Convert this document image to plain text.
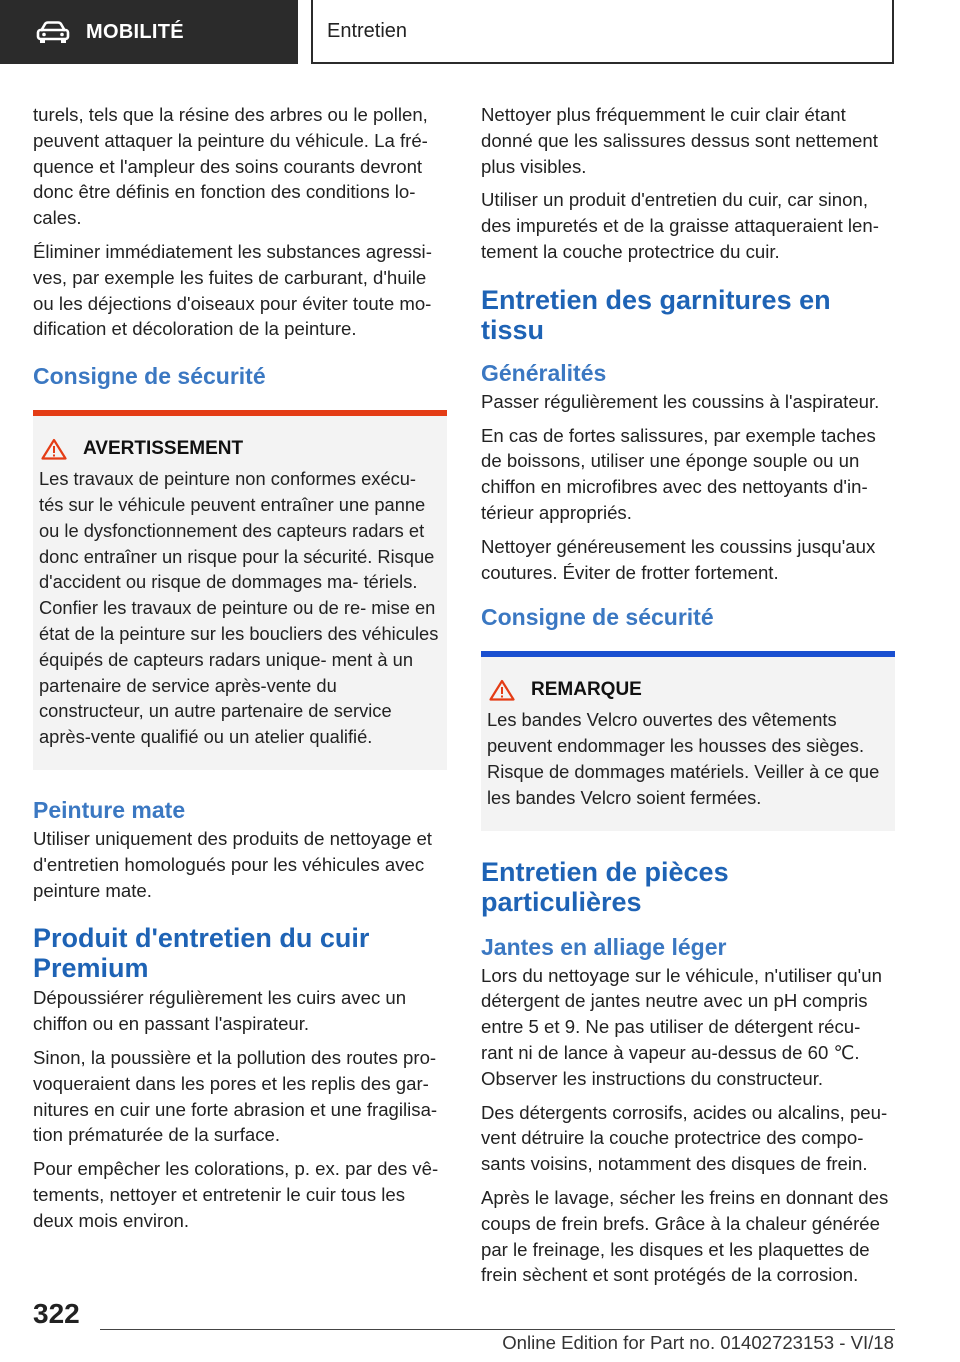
MOBILITÉ	Entretien

turels, tels que la résine des arbres ou le pollen, peuvent attaquer la peinture du véhicule. La fré- quence et l'ampleur des soins courants devront donc être définis en fonction des conditions lo- cales.

Éliminer immédiatement les substances agressi- ves, par exemple les fuites de carburant, d'huile ou les déjections d'oiseaux pour éviter toute mo- dification et décoloration de la peinture.

Consigne de sécurité
AVERTISSEMENT

Les travaux de peinture non conformes exécu- tés sur le véhicule peuvent entraîner une panne ou le dysfonctionnement des capteurs radars et donc entraîner un risque pour la sécurité. Risque d'accident ou risque de dommages ma- tériels. Confier les travaux de peinture ou de re- mise en état de la peinture sur les boucliers des véhicules équipés de capteurs radars unique- ment à un partenaire de service après-vente du constructeur, un autre partenaire de service après-vente qualifié ou un atelier qualifié.

Peinture mate

Utiliser uniquement des produits de nettoyage et d'entretien homologués pour les véhicules avec peinture mate.

Produit d'entretien du cuir Premium

Dépoussiérer régulièrement les cuirs avec un chiffon ou en passant l'aspirateur.

Sinon, la poussière et la pollution des routes pro- voqueraient dans les pores et les replis des gar- nitures en cuir une forte abrasion et une fragilisa- tion prématurée de la surface.

Pour empêcher les colorations, p. ex. par des vê- tements, nettoyer et entretenir le cuir tous les deux mois environ.

Nettoyer plus fréquemment le cuir clair étant donné que les salissures dessus sont nettement plus visibles.

Utiliser un produit d'entretien du cuir, car sinon, des impuretés et de la graisse attaqueraient len- tement la couche protectrice du cuir.

Entretien des garnitures en tissu
Généralités

Passer régulièrement les coussins à l'aspirateur.

En cas de fortes salissures, par exemple taches de boissons, utiliser une éponge souple ou un chiffon en microfibres avec des nettoyants d'in- térieur appropriés.

Nettoyer généreusement les coussins jusqu'aux coutures. Éviter de frotter fortement.

Consigne de sécurité
REMARQUE

Les bandes Velcro ouvertes des vêtements peuvent endommager les housses des sièges. Risque de dommages matériels. Veiller à ce que les bandes Velcro soient fermées.

Entretien de pièces particulières
Jantes en alliage léger

Lors du nettoyage sur le véhicule, n'utiliser qu'un détergent de jantes neutre avec un pH compris entre 5 et 9. Ne pas utiliser de détergent récu- rant ni de lance à vapeur au-dessus de 60 ℃. Observer les instructions du constructeur.

Des détergents corrosifs, acides ou alcalins, peu- vent détruire la couche protectrice des compo- sants voisins, notamment des disques de frein.

Après le lavage, sécher les freins en donnant des coups de frein brefs. Grâce à la chaleur générée par le freinage, les disques et les plaquettes de frein sèchent et sont protégés de la corrosion.

322
Online Edition for Part no. 01402723153 - VI/18
